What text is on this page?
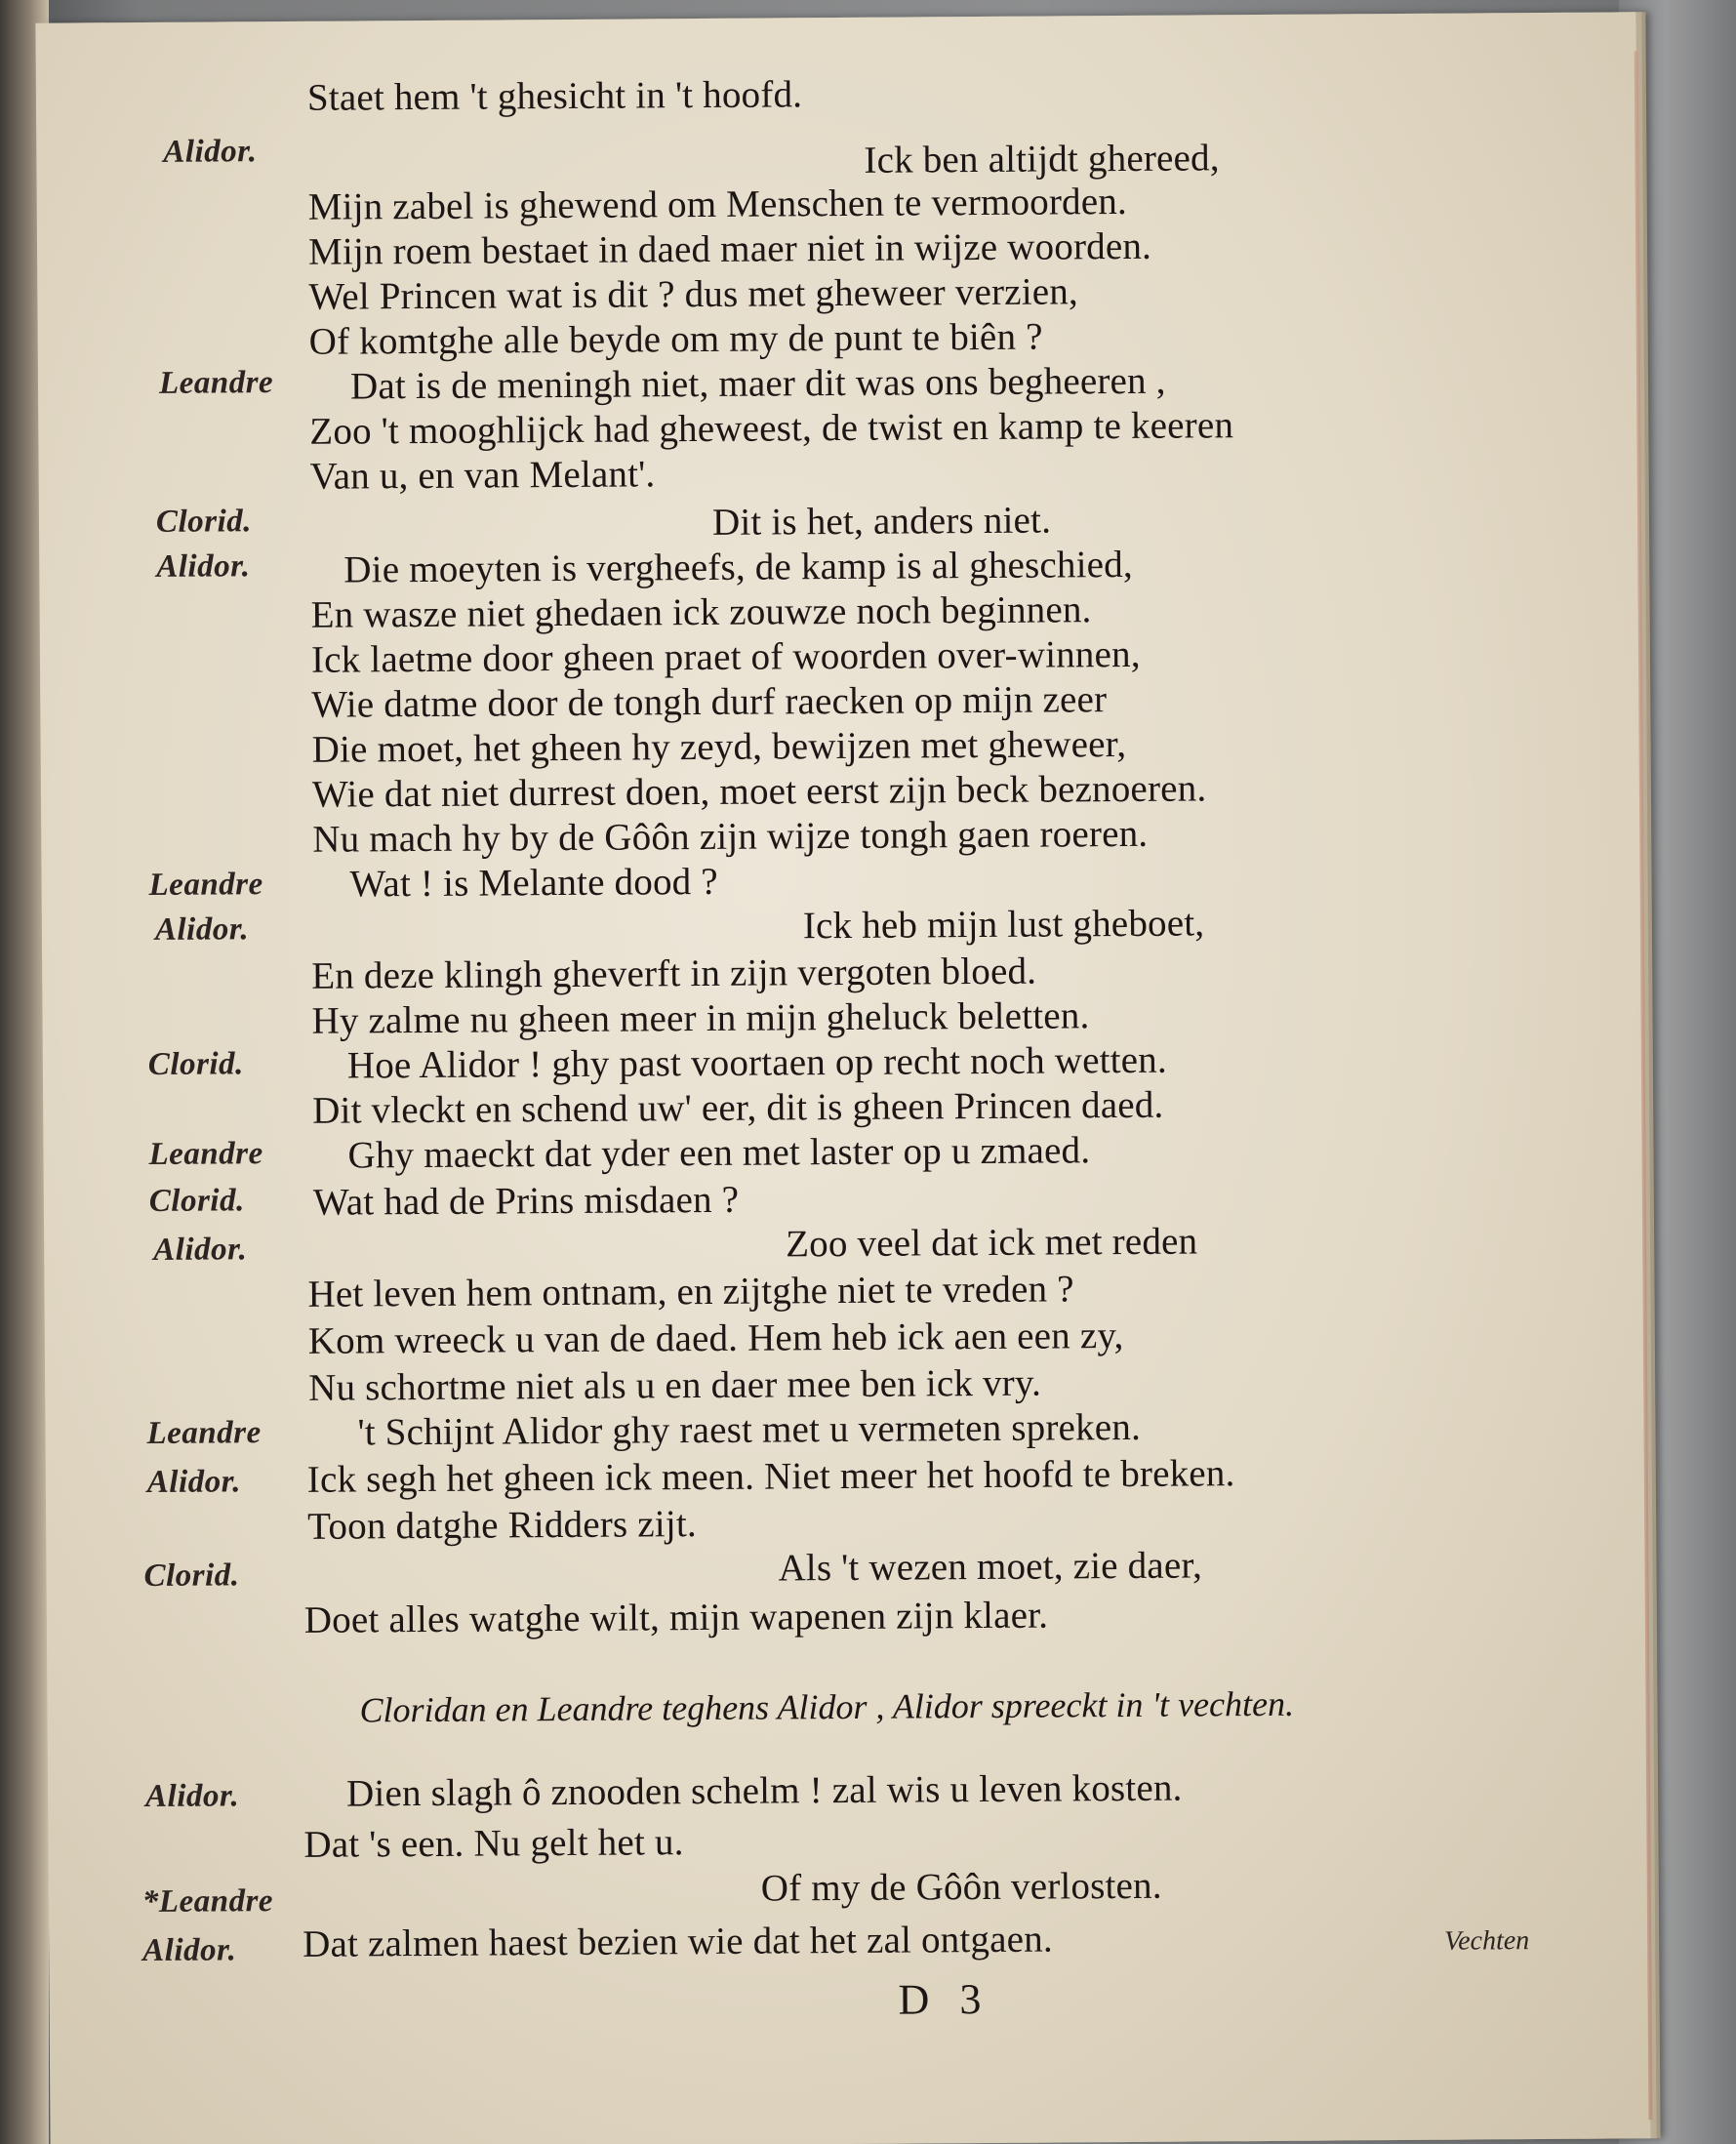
Staet hem 't ghesicht in 't hoofd.
Alidor.	Ick ben altijdt ghereed,
Mijn zabel is ghewend om Menschen te vermoorden.
Mijn roem bestaet in daed maer niet in wijze woorden.
Wel Princen wat is dit ? dus met gheweer verzien,
Of komtghe alle beyde om my de punt te biên ?
Leandre Dat is de meningh niet, maer dit was ons begheeren ,
Zoo 't mooghlijck had gheweest, de twist en kamp te keeren
Van u, en van Melant'.
Clorid.	Dit is het, anders niet.
Alidor. Die moeyten is vergheefs, de kamp is al gheschied,
En wasze niet ghedaen ick zouwze noch beginnen.
Ick laetme door gheen praet of woorden over-winnen,
Wie datme door de tongh durf raecken op mijn zeer
Die moet, het gheen hy zeyd, bewijzen met gheweer,
Wie dat niet durrest doen, moet eerst zijn beck beznoeren.
Nu mach hy by de Gôôn zijn wijze tongh gaen roeren.
Leandre Wat ! is Melante dood ?
Alidor.	Ick heb mijn lust gheboet,
En deze klingh gheverft in zijn vergoten bloed.
Hy zalme nu gheen meer in mijn gheluck beletten.
Clorid.	Hoe Alidor ! ghy past voortaen op recht noch wetten.
Dit vleckt en schend uw' eer, dit is gheen Princen daed.
Leandre Ghy maeckt dat yder een met laster op u zmaed.
Clorid. Wat had de Prins misdaen ?
Alidor.	Zoo veel dat ick met reden
Het leven hem ontnam, en zijtghe niet te vreden ?
Kom wreeck u van de daed. Hem heb ick aen een zy,
Nu schortme niet als u en daer mee ben ick vry.
Leandre	't Schijnt Alidor ghy raest met u vermeten spreken.
Alidor. Ick segh het gheen ick meen. Niet meer het hoofd te breken.
Toon datghe Ridders zijt.
Clorid.	Als 't wezen moet, zie daer,
Doet alles watghe wilt, mijn wapenen zijn klaer.
Cloridan en Leandre teghens Alidor , Alidor spreeckt in 't vechten.
Alidor.	Dien slagh ô znooden schelm ! zal wis u leven kosten.
Dat 's een. Nu gelt het u.
*Leandre	Of my de Gôôn verlosten.
Alidor. Dat zalmen haest bezien wie dat het zal ontgaen.	Vechten
D 3
